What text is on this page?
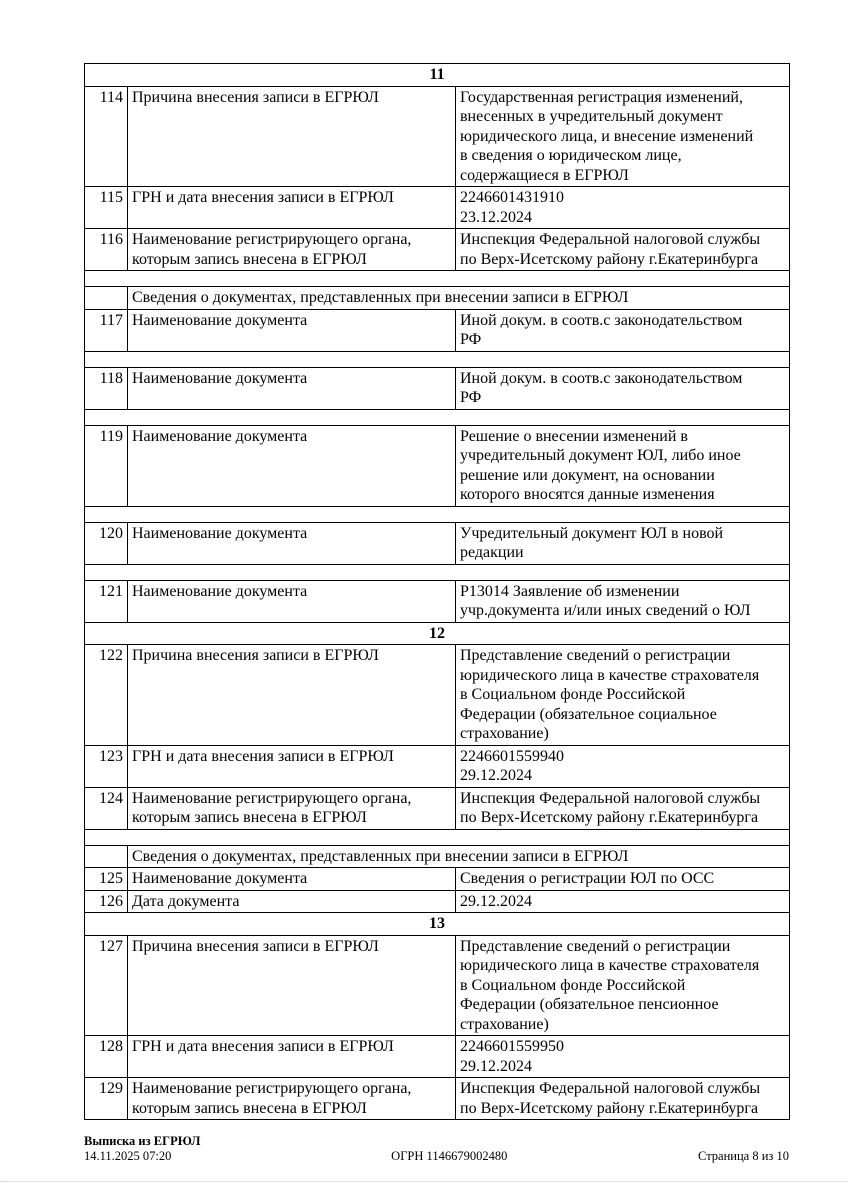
11		
114	Причина внесения записи в ЕГРЮЛ	Государственная регистрация изменений,
внесенных в учредительный документ
юридического лица, и внесение изменений
в сведения о юридическом лице,
содержащиеся в ЕГРЮЛ

115	ГРН и дата внесения записи в ЕГРЮЛ	2246601431910
23.12.2024

116	Наименование регистрирующего органа, которым запись внесена в ЕГРЮЛ	Инспекция Федеральной налоговой службы
по Верх-Исетскому району г.Екатеринбурга

	Сведения о документах, представленных при внесении записи в ЕГРЮЛ	
117	Наименование документа	Иной докум. в соотв.с законодательством
РФ

118	Наименование документа	Иной докум. в соотв.с законодательством
РФ

119	Наименование документа	Решение о внесении изменений в
учредительный документ ЮЛ, либо иное
решение или документ, на основании
которого вносятся данные изменения

120	Наименование документа	Учредительный документ ЮЛ в новой
редакции

121	Наименование документа	Р13014 Заявление об изменении
учр.документа и/или иных сведений о ЮЛ

12		
122	Причина внесения записи в ЕГРЮЛ	Представление сведений о регистрации
юридического лица в качестве страхователя
в Социальном фонде Российской
Федерации (обязательное социальное
страхование)

123	ГРН и дата внесения записи в ЕГРЮЛ	2246601559940
29.12.2024

124	Наименование регистрирующего органа, которым запись внесена в ЕГРЮЛ	Инспекция Федеральной налоговой службы
по Верх-Исетскому району г.Екатеринбурга

	Сведения о документах, представленных при внесении записи в ЕГРЮЛ	
125	Наименование документа	Сведения о регистрации ЮЛ по ОСС

126	Дата документа	29.12.2024

13		
127	Причина внесения записи в ЕГРЮЛ	Представление сведений о регистрации
юридического лица в качестве страхователя
в Социальном фонде Российской
Федерации (обязательное пенсионное
страхование)

128	ГРН и дата внесения записи в ЕГРЮЛ	2246601559950
29.12.2024

129	Наименование регистрирующего органа, которым запись внесена в ЕГРЮЛ	Инспекция Федеральной налоговой службы
по Верх-Исетскому району г.Екатеринбурга
Выписка из ЕГРЮЛ
14.11.2025 07:20	ОГРН 1146679002480	Страница 8 из 10
